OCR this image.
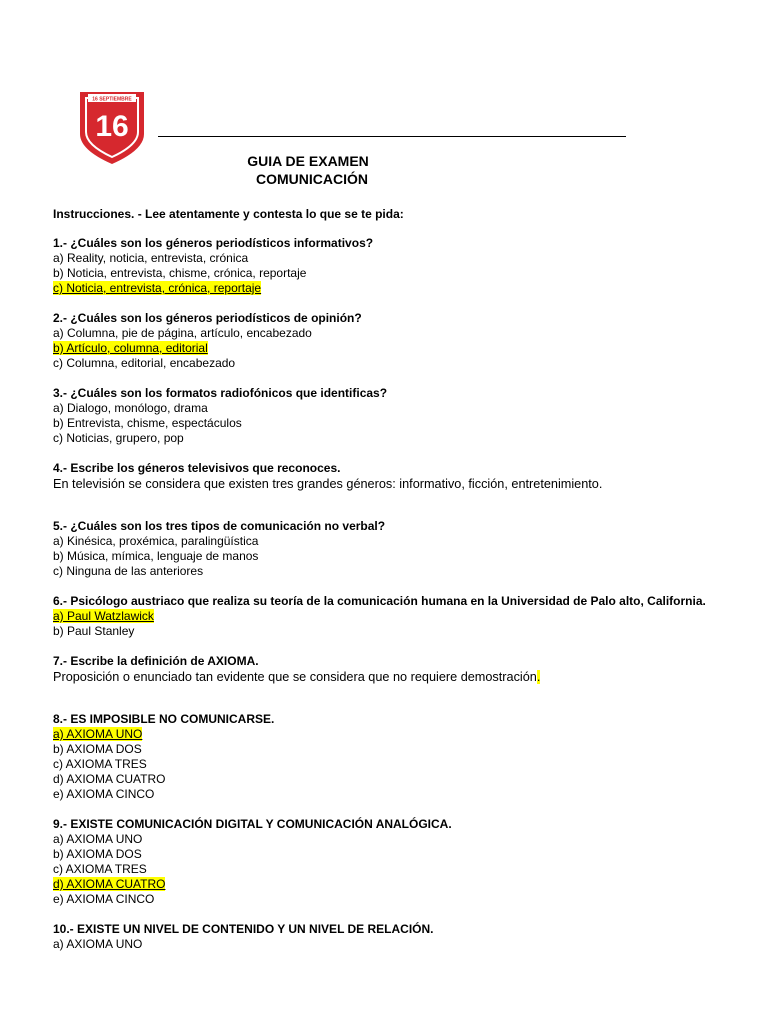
16 SEPTIEMBRE
16
GUIA DE EXAMEN
COMUNICACIÓN
Instrucciones. - Lee atentamente y contesta lo que se te pida:
1.- ¿Cuáles son los géneros periodísticos informativos?
a) Reality, noticia, entrevista, crónica
b) Noticia, entrevista, chisme, crónica, reportaje
c) Noticia, entrevista, crónica, reportaje
2.- ¿Cuáles son los géneros periodísticos de opinión?
a) Columna, pie de página, artículo, encabezado
b) Artículo, columna, editorial
c) Columna, editorial, encabezado
3.- ¿Cuáles son los formatos radiofónicos que identificas?
a) Dialogo, monólogo, drama
b) Entrevista, chisme, espectáculos
c) Noticias, grupero, pop
4.- Escribe los géneros televisivos que reconoces.
En televisión se considera que existen tres grandes géneros: informativo, ficción, entretenimiento.
5.- ¿Cuáles son los tres tipos de comunicación no verbal?
a) Kinésica, proxémica, paralingüística
b) Música, mímica, lenguaje de manos
c) Ninguna de las anteriores
6.- Psicólogo austriaco que realiza su teoría de la comunicación humana en la Universidad de Palo alto, California.
a) Paul Watzlawick
b) Paul Stanley
7.- Escribe la definición de AXIOMA.
Proposición o enunciado tan evidente que se considera que no requiere demostración.
8.- ES IMPOSIBLE NO COMUNICARSE.
a) AXIOMA UNO
b) AXIOMA DOS
c) AXIOMA TRES
d) AXIOMA CUATRO
e) AXIOMA CINCO
9.- EXISTE COMUNICACIÓN DIGITAL Y COMUNICACIÓN ANALÓGICA.
a) AXIOMA UNO
b) AXIOMA DOS
c) AXIOMA TRES
d) AXIOMA CUATRO
e) AXIOMA CINCO
10.- EXISTE UN NIVEL DE CONTENIDO Y UN NIVEL DE RELACIÓN.
a) AXIOMA UNO
